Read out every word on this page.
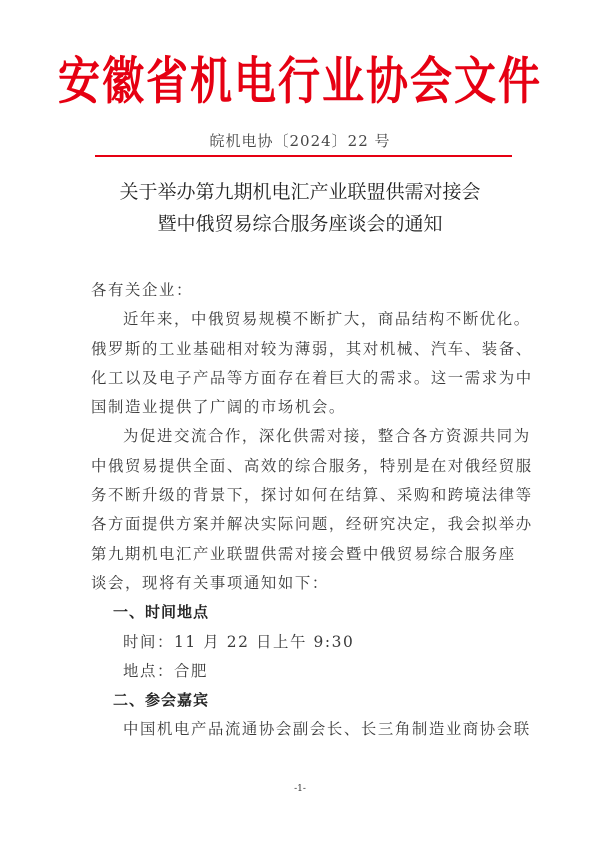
安徽省机电行业协会文件
皖机电协〔2024〕22 号
关于举办第九期机电汇产业联盟供需对接会
暨中俄贸易综合服务座谈会的通知
各有关企业：
近年来，中俄贸易规模不断扩大，商品结构不断优化。
俄罗斯的工业基础相对较为薄弱，其对机械、汽车、装备、
化工以及电子产品等方面存在着巨大的需求。这一需求为中
国制造业提供了广阔的市场机会。
为促进交流合作，深化供需对接，整合各方资源共同为
中俄贸易提供全面、高效的综合服务，特别是在对俄经贸服
务不断升级的背景下，探讨如何在结算、采购和跨境法律等
各方面提供方案并解决实际问题，经研究决定，我会拟举办
第九期机电汇产业联盟供需对接会暨中俄贸易综合服务座
谈会，现将有关事项通知如下：
一、时间地点
时间：11 月 22 日上午 9:30
地点：合肥
二、参会嘉宾
中国机电产品流通协会副会长、长三角制造业商协会联
-1-
